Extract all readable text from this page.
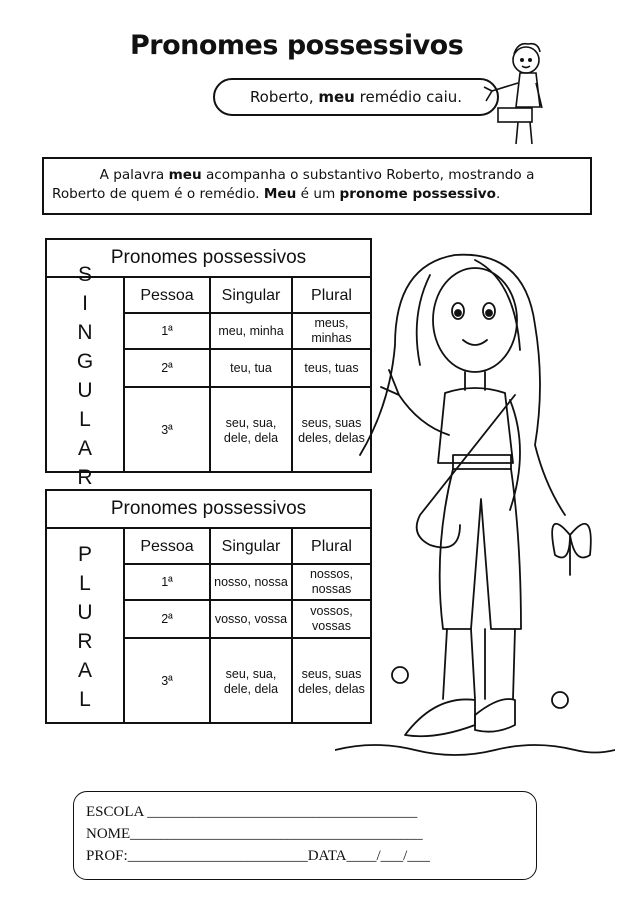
Pronomes possessivos
Roberto, meu remédio caiu.
A palavra meu acompanha o substantivo Roberto, mostrando a
Roberto de quem é o remédio. Meu é um pronome possessivo.
Pronomes possessivos
S
I
N
G
U
L
A
R
Pessoa	Singular	Plural
1ª	meu, minha	meus, minhas
2ª	teu, tua	teus, tuas
3ª	seu, sua, dele, dela	seus, suas deles, delas
Pronomes possessivos
P
L
U
R
A
L
Pessoa	Singular	Plural
1ª	nosso, nossa	nossos, nossas
2ª	vosso, vossa	vossos, vossas
3ª	seu, sua, dele, dela	seus, suas deles, delas
ESCOLA ____________________________________
NOME_______________________________________
PROF:________________________DATA____/___/___
